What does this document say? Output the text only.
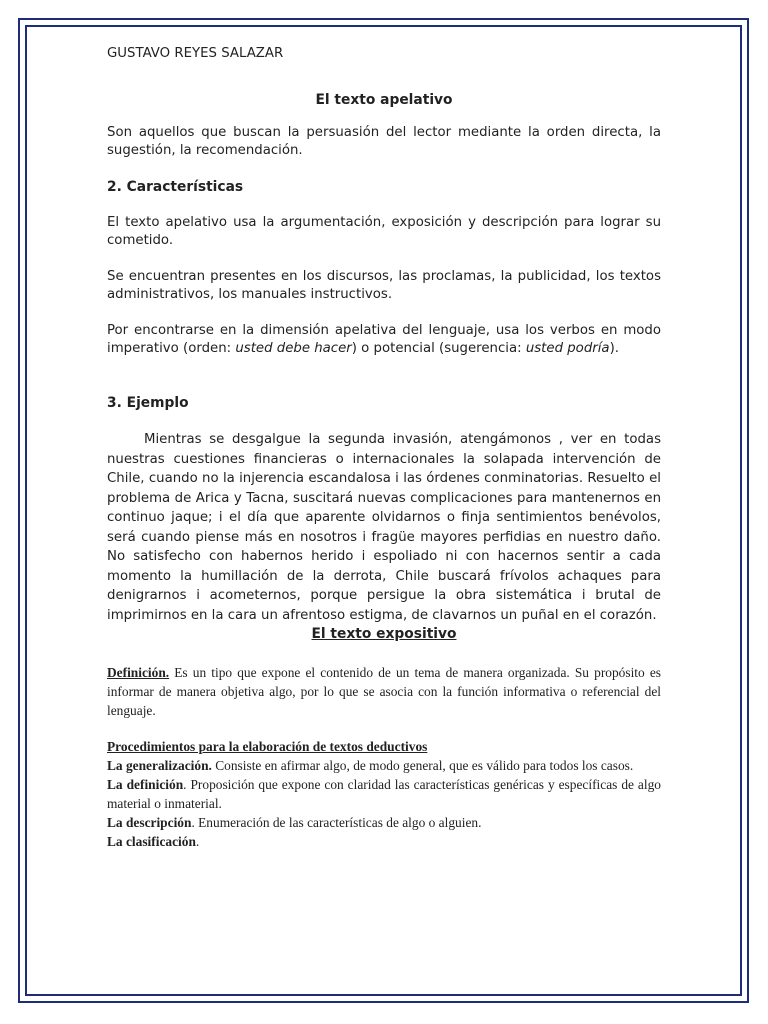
GUSTAVO REYES SALAZAR

El texto apelativo

Son aquellos que buscan la persuasión del lector mediante la orden directa, la sugestión, la recomendación.

2. Características

El texto apelativo usa la argumentación, exposición y descripción para lograr su cometido.

Se encuentran presentes en los discursos, las proclamas, la publicidad, los textos administrativos, los manuales instructivos.

Por encontrarse en la dimensión apelativa del lenguaje, usa los verbos en modo imperativo (orden: usted debe hacer) o potencial (sugerencia: usted podría).

3. Ejemplo

Mientras se desgalgue la segunda invasión, atengámonos , ver en todas nuestras cuestiones financieras o internacionales la solapada intervención de Chile, cuando no la injerencia escandalosa i las órdenes conminatorias. Resuelto el problema de Arica y Tacna, suscitará nuevas complicaciones para mantenernos en continuo jaque; i el día que aparente olvidarnos o finja sentimientos benévolos, será cuando piense más en nosotros i fragüe mayores perfidias en nuestro daño. No satisfecho con habernos herido i espoliado ni con hacernos sentir a cada momento la humillación de la derrota, Chile buscará frívolos achaques para denigrarnos i acometernos, porque persigue la obra sistemática i brutal de imprimirnos en la cara un afrentoso estigma, de clavarnos un puñal en el corazón.

El texto expositivo

Definición. Es un tipo que expone el contenido de un tema de manera organizada. Su propósito es informar de manera objetiva algo, por lo que se asocia con la función informativa o referencial del lenguaje.

Procedimientos para la elaboración de textos deductivos

La generalización. Consiste en afirmar algo, de modo general, que es válido para todos los casos.

La definición. Proposición que expone con claridad las características genéricas y específicas de algo material o inmaterial.

La descripción. Enumeración de las características de algo o alguien.

La clasificación.
